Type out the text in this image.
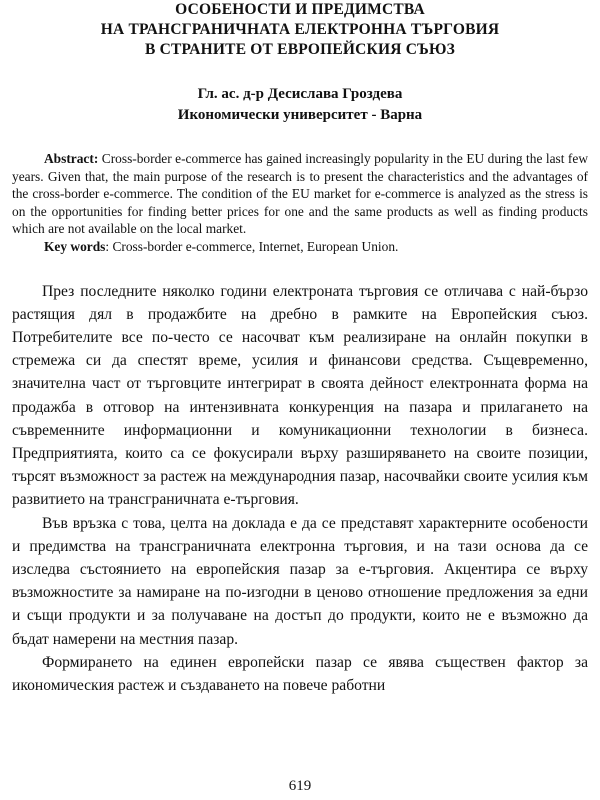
ОСОБЕНОСТИ И ПРЕДИМСТВА
НА ТРАНСГРАНИЧНАТА ЕЛЕКТРОННА ТЪРГОВИЯ
В СТРАНИТЕ ОТ ЕВРОПЕЙСКИЯ СЪЮЗ
Гл. ас. д-р Десислава Гроздева
Икономически университет - Варна

Abstract: Cross-border e-commerce has gained increasingly popularity in the EU during the last few years. Given that, the main purpose of the research is to present the characteristics and the advantages of the cross-border e-commerce. The condition of the EU market for e-commerce is analyzed as the stress is on the opportunities for finding better prices for one and the same products as well as finding products which are not available on the local market.

Key words: Cross-border e-commerce, Internet, European Union.

През последните няколко години електроната търговия се отличава с най-бързо растящия дял в продажбите на дребно в рамките на Европейския съюз. Потребителите все по-често се насочват към реализиране на онлайн покупки в стремежа си да спестят време, усилия и финансови средства. Същевременно, значителна част от търговците интегрират в своята дейност електронната форма на продажба в отговор на интензивната конкуренция на пазара и прилагането на съвременните информационни и комуникационни технологии в бизнеса. Предприятията, които са се фокусирали върху разширяването на своите позиции, търсят възможност за растеж на международния пазар, насочвайки своите усилия към развитието на трансграничната е-търговия.

Във връзка с това, целта на доклада е да се представят характерните особености и предимства на трансграничната електронна търговия, и на тази основа да се изследва състоянието на европейския пазар за е-търговия. Акцентира се върху възможностите за намиране на по-изгодни в ценово отношение предложения за едни и същи продукти и за получаване на достъп до продукти, които не е възможно да бъдат намерени на местния пазар.

Формирането на единен европейски пазар се явява съществен фактор за икономическия растеж и създаването на повече работни

619
